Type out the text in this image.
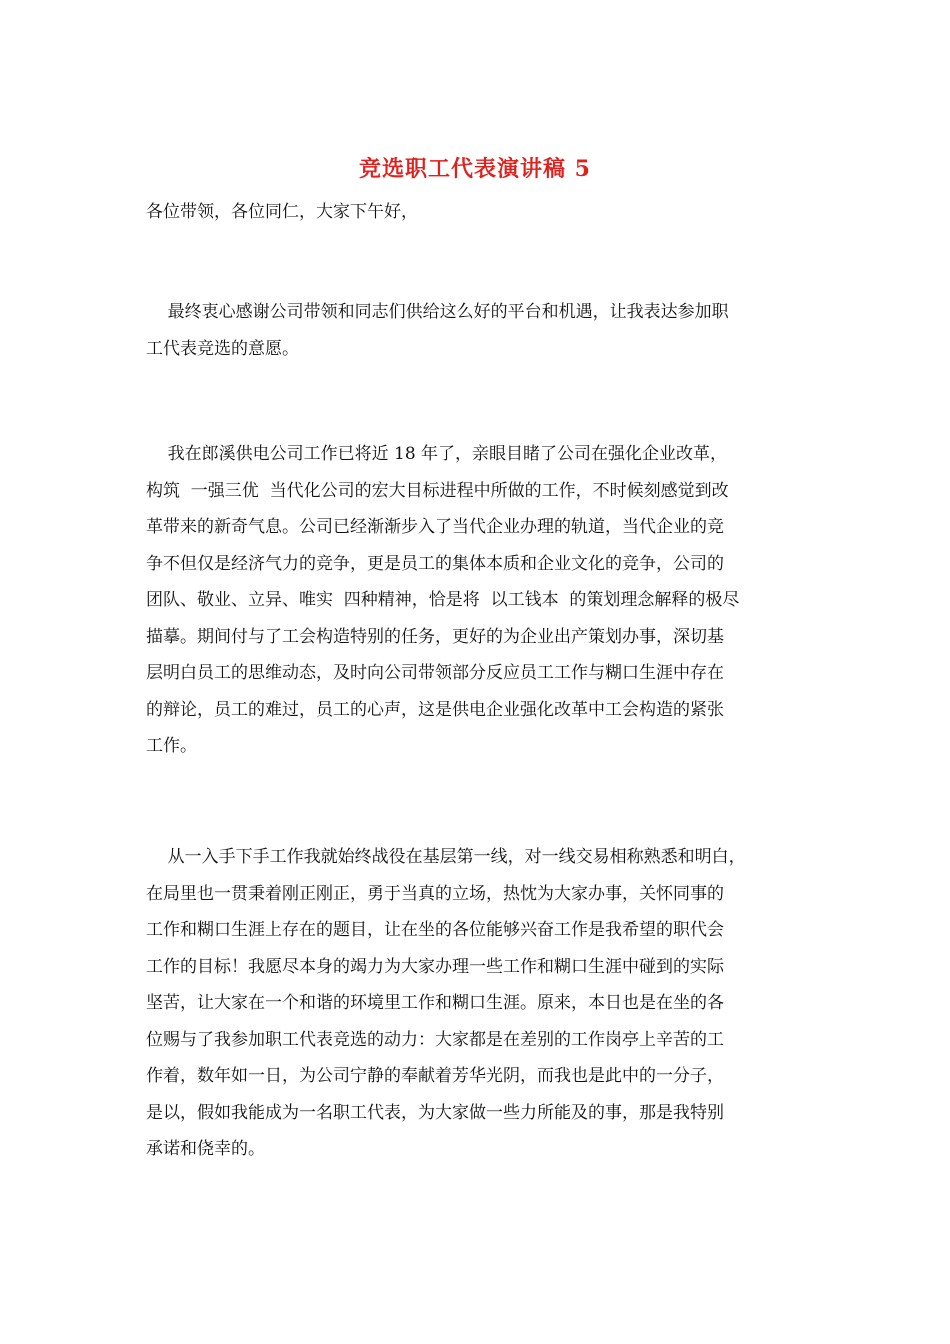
竞选职工代表演讲稿 5

各位带领，各位同仁，大家下午好，

最终衷心感谢公司带领和同志们供给这么好的平台和机遇，让我表达参加职
工代表竞选的意愿。
我在郎溪供电公司工作已将近 18 年了，亲眼目睹了公司在强化企业改革，
构筑  一强三优  当代化公司的宏大目标进程中所做的工作，不时候刻感觉到改
革带来的新奇气息。公司已经渐渐步入了当代企业办理的轨道，当代企业的竞
争不但仅是经济气力的竞争，更是员工的集体本质和企业文化的竞争，公司的
团队、敬业、立异、唯实  四种精神，恰是将  以工钱本  的策划理念解释的极尽
描摹。期间付与了工会构造特别的任务，更好的为企业出产策划办事，深切基
层明白员工的思维动态，及时向公司带领部分反应员工工作与糊口生涯中存在
的辩论，员工的难过，员工的心声，这是供电企业强化改革中工会构造的紧张
工作。
从一入手下手工作我就始终战役在基层第一线，对一线交易相称熟悉和明白，
在局里也一贯秉着刚正刚正，勇于当真的立场，热忱为大家办事，关怀同事的
工作和糊口生涯上存在的题目，让在坐的各位能够兴奋工作是我希望的职代会
工作的目标！我愿尽本身的竭力为大家办理一些工作和糊口生涯中碰到的实际
坚苦，让大家在一个和谐的环境里工作和糊口生涯。原来，本日也是在坐的各
位赐与了我参加职工代表竞选的动力：大家都是在差别的工作岗亭上辛苦的工
作着，数年如一日，为公司宁静的奉献着芳华光阴，而我也是此中的一分子，
是以，假如我能成为一名职工代表，为大家做一些力所能及的事，那是我特别
承诺和侥幸的。
